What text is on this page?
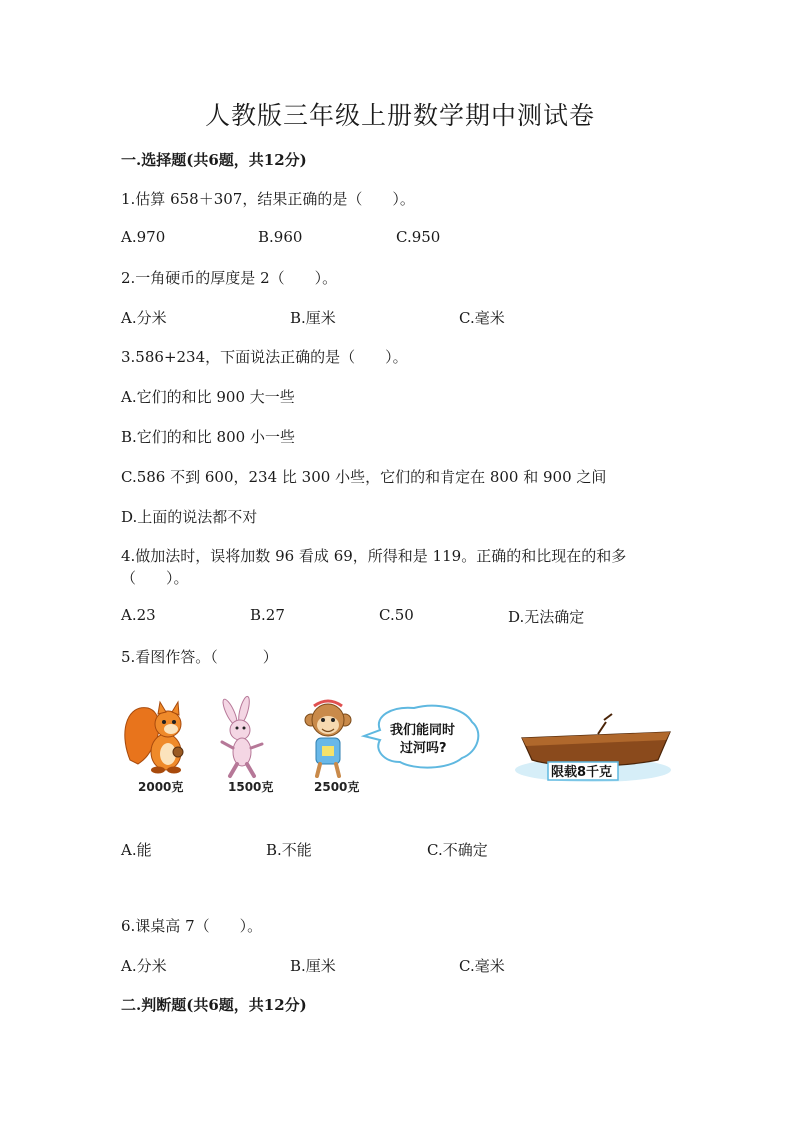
人教版三年级上册数学期中测试卷
一.选择题(共6题，共12分)
1.估算 658＋307，结果正确的是（　　）。
A.970	B.960	C.950
2.一角硬币的厚度是 2（　　）。
A.分米	B.厘米	C.毫米
3.586+234，下面说法正确的是（　　）。
A.它们的和比 900 大一些
B.它们的和比 800 小一些
C.586 不到 600，234 比 300 小些，它们的和肯定在 800 和 900 之间
D.上面的说法都不对
4.做加法时，误将加数 96 看成 69，所得和是 119。正确的和比现在的和多
（　　）。
A.23	B.27	C.50	D.无法确定
5.看图作答。（　　　）
2000克	1500克	2500克
我们能同时
过河吗?
限载8千克
A.能	B.不能	C.不确定
6.课桌高 7（　　）。
A.分米	B.厘米	C.毫米
二.判断题(共6题，共12分)
